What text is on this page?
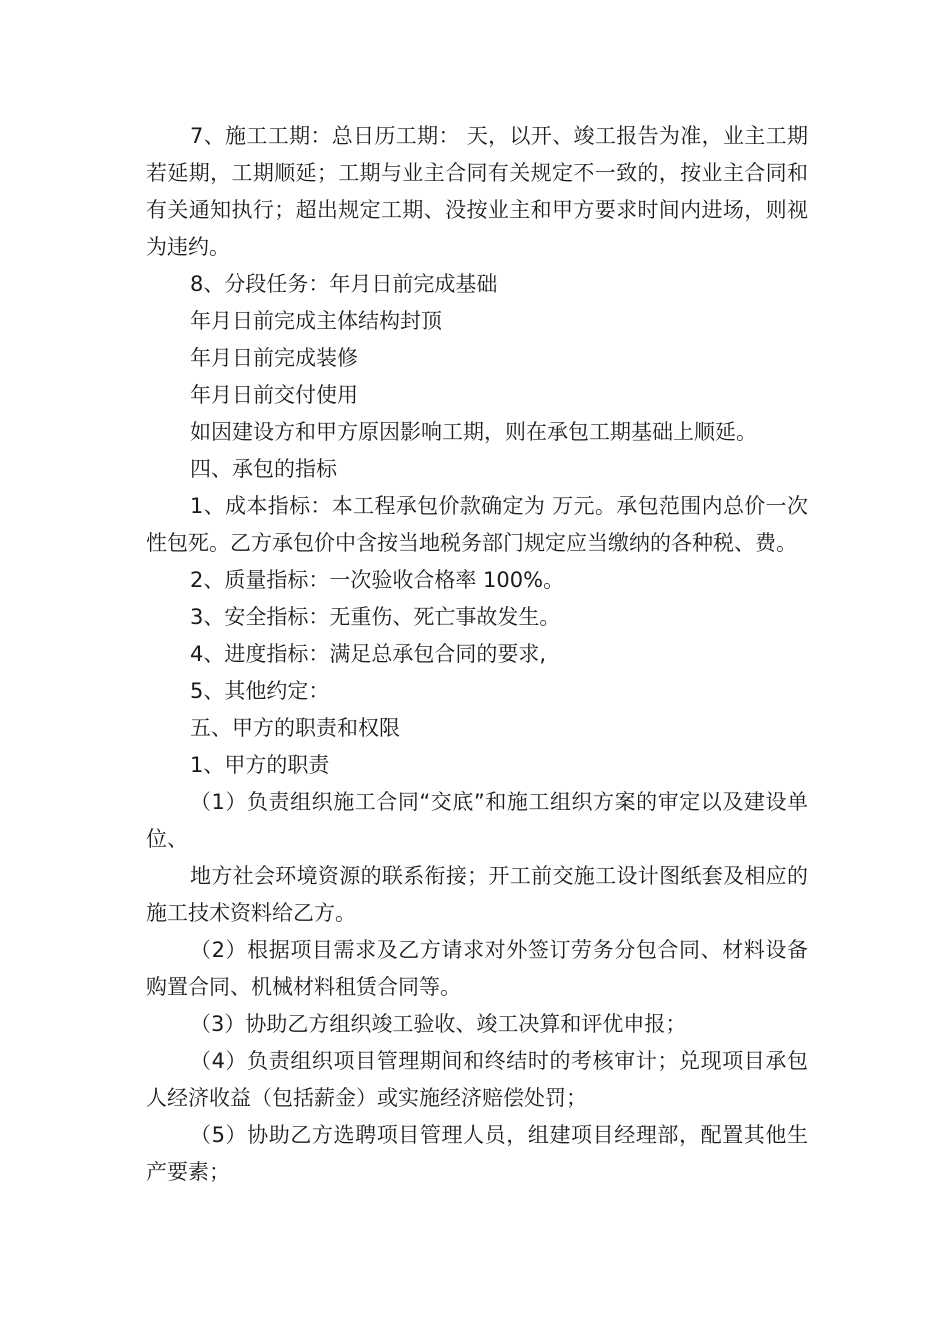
7、施工工期：总日历工期： 天，以开、竣工报告为准，业主工期若延期，工期顺延；工期与业主合同有关规定不一致的，按业主合同和有关通知执行；超出规定工期、没按业主和甲方要求时间内进场，则视为违约。

8、分段任务：年月日前完成基础

年月日前完成主体结构封顶

年月日前完成装修

年月日前交付使用

如因建设方和甲方原因影响工期，则在承包工期基础上顺延。

四、承包的指标

1、成本指标：本工程承包价款确定为 万元。承包范围内总价一次性包死。乙方承包价中含按当地税务部门规定应当缴纳的各种税、费。

2、质量指标：一次验收合格率 100%。

3、安全指标：无重伤、死亡事故发生。

4、进度指标：满足总承包合同的要求,

5、其他约定：

五、甲方的职责和权限

1、甲方的职责

（1）负责组织施工合同“交底”和施工组织方案的审定以及建设单位、

地方社会环境资源的联系衔接；开工前交施工设计图纸套及相应的施工技术资料给乙方。

（2）根据项目需求及乙方请求对外签订劳务分包合同、材料设备购置合同、机械材料租赁合同等。

（3）协助乙方组织竣工验收、竣工决算和评优申报；

（4）负责组织项目管理期间和终结时的考核审计；兑现项目承包人经济收益（包括薪金）或实施经济赔偿处罚；

（5）协助乙方选聘项目管理人员，组建项目经理部，配置其他生产要素；
